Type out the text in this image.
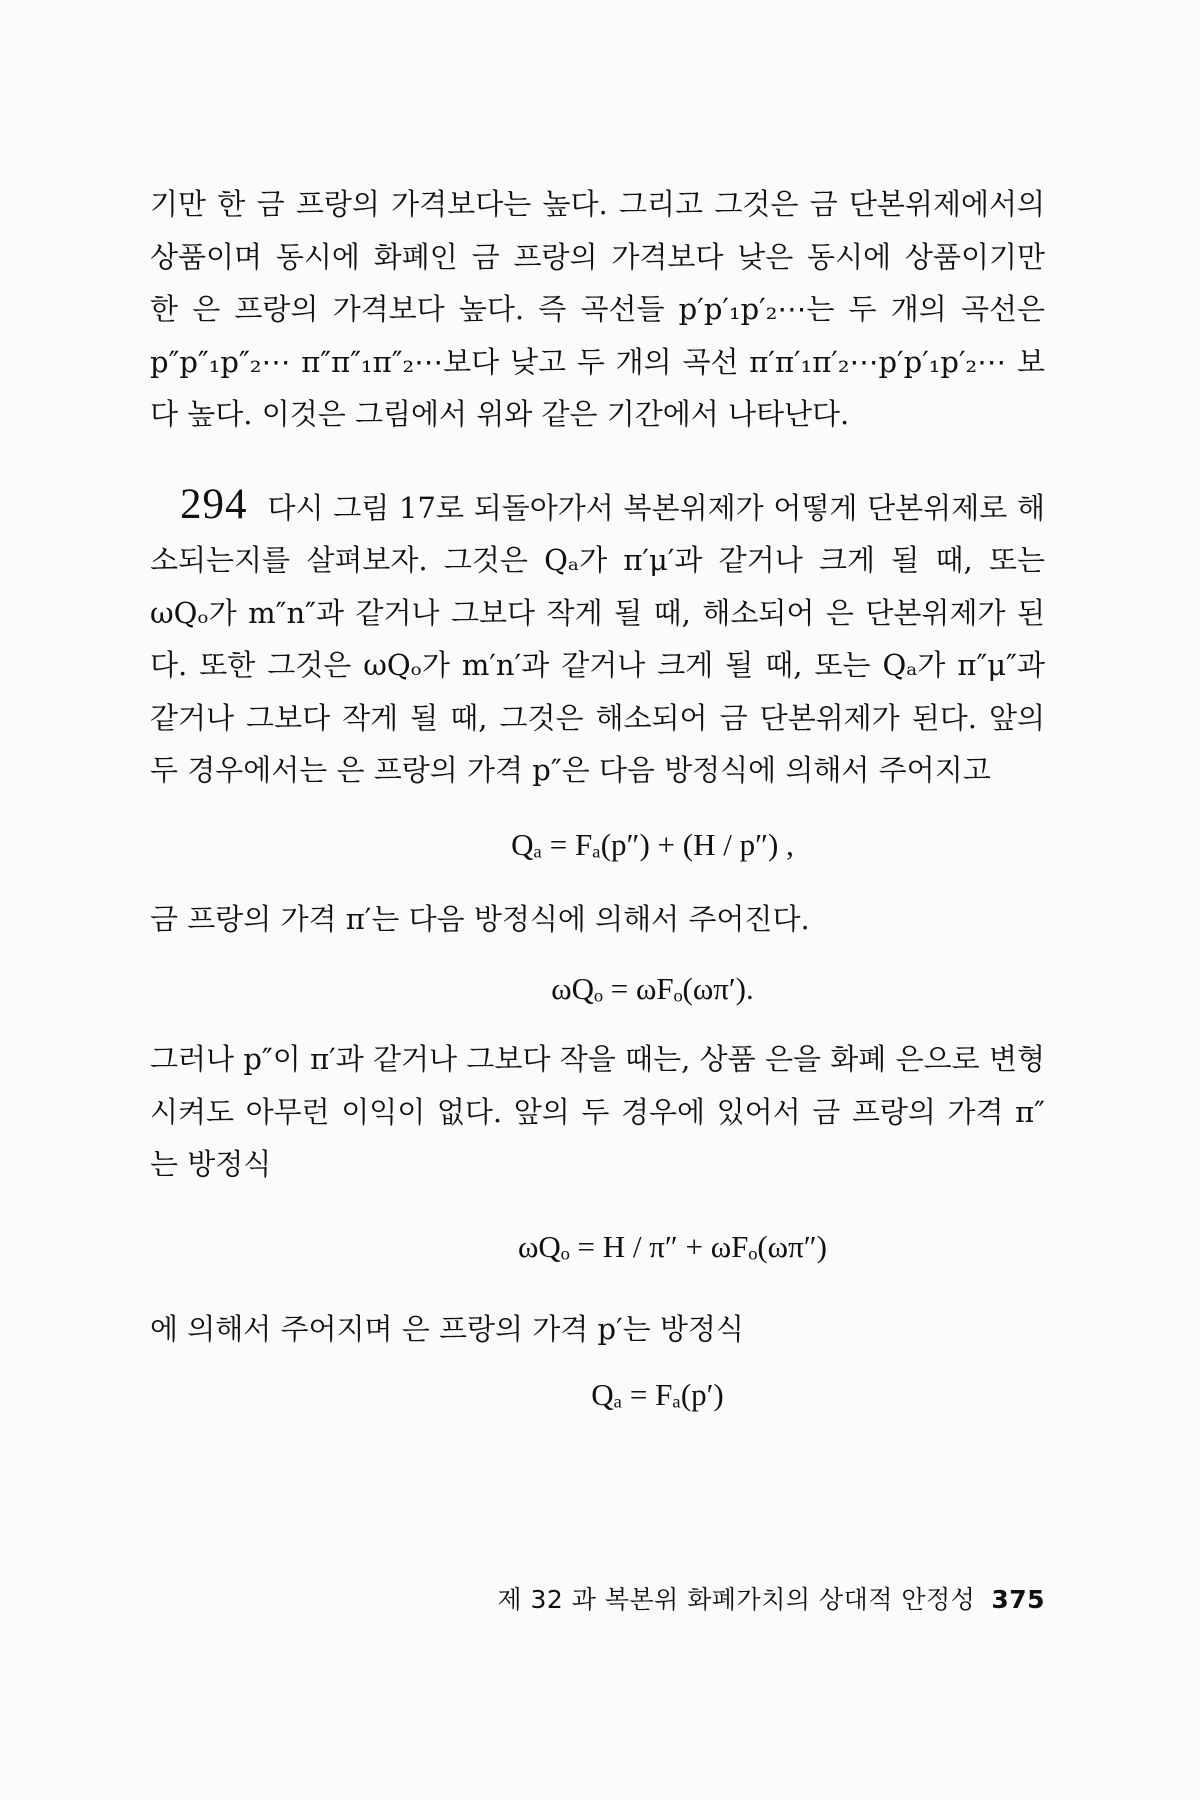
기만 한 금 프랑의 가격보다는 높다. 그리고 그것은 금 단본위제에서의 상품이며 동시에 화폐인 금 프랑의 가격보다 낮은 동시에 상품이기만 한 은 프랑의 가격보다 높다. 즉 곡선들 p′p′₁p′₂⋯는 두 개의 곡선은 p″p″₁p″₂⋯ π″π″₁π″₂⋯보다 낮고 두 개의 곡선 π′π′₁π′₂⋯p′p′₁p′₂⋯ 보다 높다. 이것은 그림에서 위와 같은 기간에서 나타난다.

294 다시 그림 17로 되돌아가서 복본위제가 어떻게 단본위제로 해소되는지를 살펴보자. 그것은 Qₐ가 π′μ′과 같거나 크게 될 때, 또는 ωQₒ가 m″n″과 같거나 그보다 작게 될 때, 해소되어 은 단본위제가 된다. 또한 그것은 ωQₒ가 m′n′과 같거나 크게 될 때, 또는 Qₐ가 π″μ″과 같거나 그보다 작게 될 때, 그것은 해소되어 금 단본위제가 된다. 앞의 두 경우에서는 은 프랑의 가격 p″은 다음 방정식에 의해서 주어지고

Qₐ = Fₐ(p″) + (H / p″) ,

금 프랑의 가격 π′는 다음 방정식에 의해서 주어진다.

ωQₒ = ωFₒ(ωπ′).

그러나 p″이 π′과 같거나 그보다 작을 때는, 상품 은을 화폐 은으로 변형시켜도 아무런 이익이 없다. 앞의 두 경우에 있어서 금 프랑의 가격 π″는 방정식

ωQₒ = H / π″ + ωFₒ(ωπ″)

에 의해서 주어지며 은 프랑의 가격 p′는 방정식

Qₐ = Fₐ(p′)

제 32 과 복본위 화폐가치의 상대적 안정성 375
